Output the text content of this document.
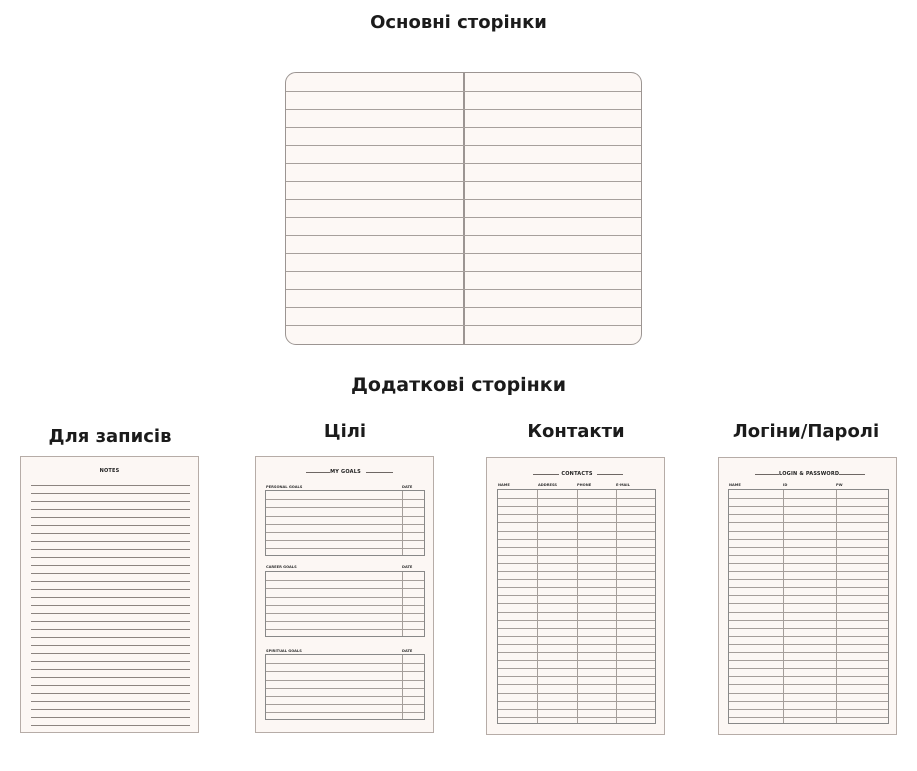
Основні сторінки
Додаткові сторінки
Для записів	Цілі	Контакти	Логіни/Паролі
NOTES	MY GOALS
PERSONAL GOALS	DATE
CAREER GOALS	DATE
SPIRITUAL GOALS	DATE
CONTACTS
NAME	ADDRESS	PHONE	E-MAIL
LOGIN & PASSWORD
NAME	ID	PW
